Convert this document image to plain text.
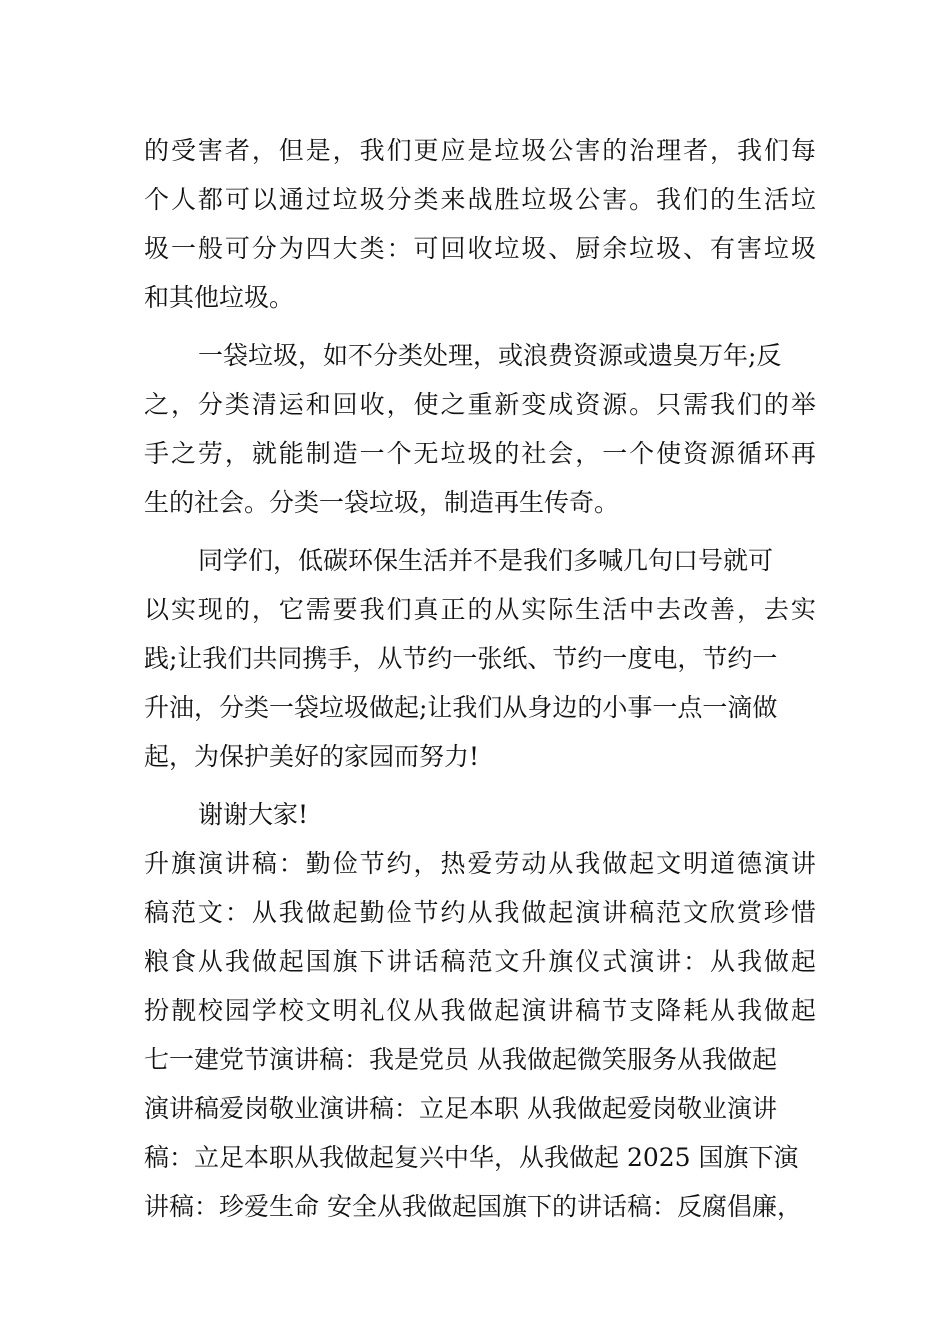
的 受 害 者 ， 但 是 ， 我 们 更 应 是 垃 圾 公 害 的 治 理 者 ， 我 们 每
个 人 都 可 以 通 过 垃 圾 分 类 来 战 胜 垃 圾 公 害 。 我 们 的 生 活 垃
圾 一 般 可 分 为 四 大 类 ： 可 回 收 垃 圾 、 厨 余 垃 圾 、 有 害 垃 圾
和其他垃圾。
一袋垃圾，如不分类处理，或浪费资源或遗臭万年;反
之 ， 分 类 清 运 和 回 收 ， 使 之 重 新 变 成 资 源 。 只 需 我 们 的 举
手 之 劳 ， 就 能 制 造 一 个 无 垃 圾 的 社 会 ， 一 个 使 资 源 循 环 再
生的社会。分类一袋垃圾，制造再生传奇。
同学们，低碳环保生活并不是我们多喊几句口号就可
以 实 现 的 ， 它 需 要 我 们 真 正 的 从 实 际 生 活 中 去 改 善 ， 去 实
践;让我们共同携手，从节约一张纸、节约一度电，节约一
升油，分类一袋垃圾做起;让我们从身边的小事一点一滴做
起，为保护美好的家园而努力!
谢谢大家!
升 旗 演 讲 稿 ： 勤 俭 节 约 ， 热 爱 劳 动 从 我 做 起 文 明 道 德 演 讲
稿 范 文 ： 从 我 做 起 勤 俭 节 约 从 我 做 起 演 讲 稿 范 文 欣 赏 珍 惜
粮 食 从 我 做 起 国 旗 下 讲 话 稿 范 文 升 旗 仪 式 演 讲 ： 从 我 做 起
扮 靓 校 园 学 校 文 明 礼 仪 从 我 做 起 演 讲 稿 节 支 降 耗 从 我 做 起
七一建党节演讲稿：我是党员 从我做起微笑服务从我做起
演讲稿爱岗敬业演讲稿：立足本职 从我做起爱岗敬业演讲
稿：立足本职从我做起复兴中华，从我做起 2025 国旗下演
讲稿：珍爱生命 安全从我做起国旗下的讲话稿：反腐倡廉，
